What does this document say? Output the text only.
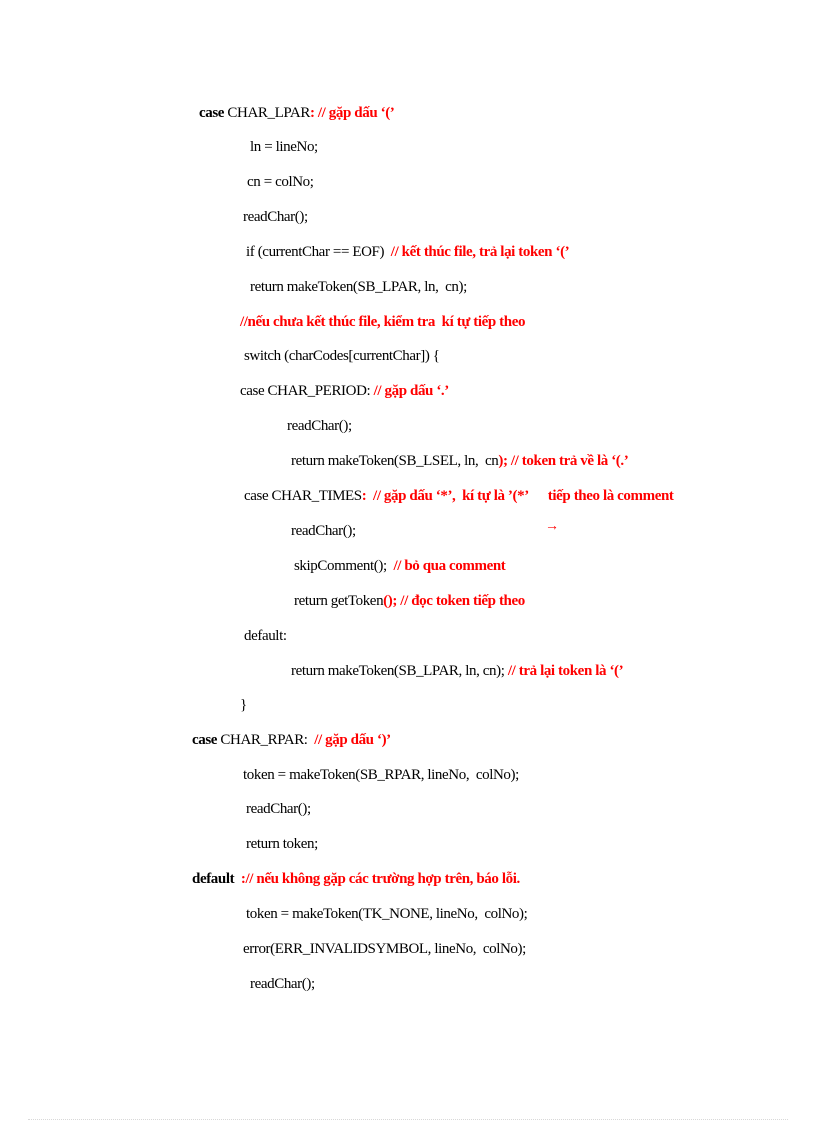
case CHAR_LPAR: // gặp dấu ‘(’
ln = lineNo;
cn = colNo;
readChar();
if (currentChar == EOF)  // kết thúc file, trả lại token ‘(’
return makeToken(SB_LPAR, ln,  cn);
//nếu chưa kết thúc file, kiểm tra  kí tự tiếp theo
switch (charCodes[currentChar]) {
case CHAR_PERIOD: // gặp dấu ‘.’
readChar();
return makeToken(SB_LSEL, ln,  cn); // token trả về là ‘(.’
case CHAR_TIMES:  // gặp dấu ‘*’,  kí tự là ’(*’      tiếp theo là comment
readChar();
skipComment();  // bỏ qua comment
return getToken(); // đọc token tiếp theo
default:
return makeToken(SB_LPAR, ln, cn); // trả lại token là ‘(’
}
case CHAR_RPAR:  // gặp dấu ‘)’
token = makeToken(SB_RPAR, lineNo,  colNo);
readChar();
return token;
default  :// nếu không gặp các trường hợp trên, báo lỗi.
token = makeToken(TK_NONE, lineNo,  colNo);
error(ERR_INVALIDSYMBOL, lineNo,  colNo);
readChar();
→
